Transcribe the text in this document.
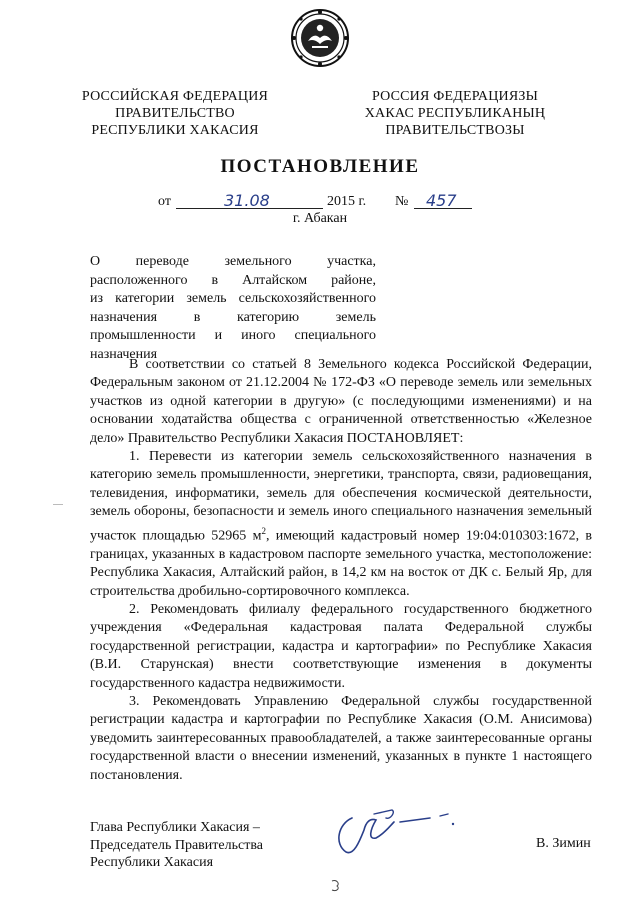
РОССИЙСКАЯ ФЕДЕРАЦИЯ
ПРАВИТЕЛЬСТВО
РЕСПУБЛИКИ ХАКАСИЯ
РОССИЯ ФЕДЕРАЦИЯЗЫ
ХАКАС РЕСПУБЛИКАНЫҢ
ПРАВИТЕЛЬСТВОЗЫ
ПОСТАНОВЛЕНИЕ
от	31.08	2015 г. № 457
г. Абакан
О	переводе	земельного	участка,
расположенного в Алтайском районе,
из категории земель сельскохозяйственного
назначения	в	категорию	земель
промышленности и иного специального
назначения

В соответствии со статьей 8 Земельного кодекса Российской Федерации, Федеральным законом от 21.12.2004 № 172-ФЗ «О переводе земель или земельных участков из одной категории в другую» (с последующими изменениями) и на основании ходатайства общества с ограниченной ответственностью «Железное дело» Правительство Республики Хакасия ПОСТАНОВЛЯЕТ:

1. Перевести из категории земель сельскохозяйственного назначения в категорию земель промышленности, энергетики, транспорта, связи, радиовещания, телевидения, информатики, земель для обеспечения космической деятельности, земель обороны, безопасности и земель иного специального назначения земельный участок площадью 52965 $м^2$, имеющий кадастровый номер 19:04:010303:1672, в границах, указанных в кадастровом паспорте земельного участка, местоположение: Республика Хакасия, Алтайский район, в 14,2 км на восток от ДК с. Белый Яр, для строительства дробильно-сортировочного комплекса.

2. Рекомендовать филиалу федерального государственного бюджетного учреждения «Федеральная кадастровая палата Федеральной службы государственной регистрации, кадастра и картографии» по Республике Хакасия (В.И. Старунская) внести соответствующие изменения в документы государственного кадастра недвижимости.

3. Рекомендовать Управлению Федеральной службы государственной регистрации кадастра и картографии по Республике Хакасия (О.М. Анисимова) уведомить заинтересованных правообладателей, а также заинтересованные органы государственной власти о внесении изменений, указанных в пункте 1 настоящего постановления.

Глава Республики Хакасия –
Председатель Правительства
Республики Хакасия
В. Зимин
